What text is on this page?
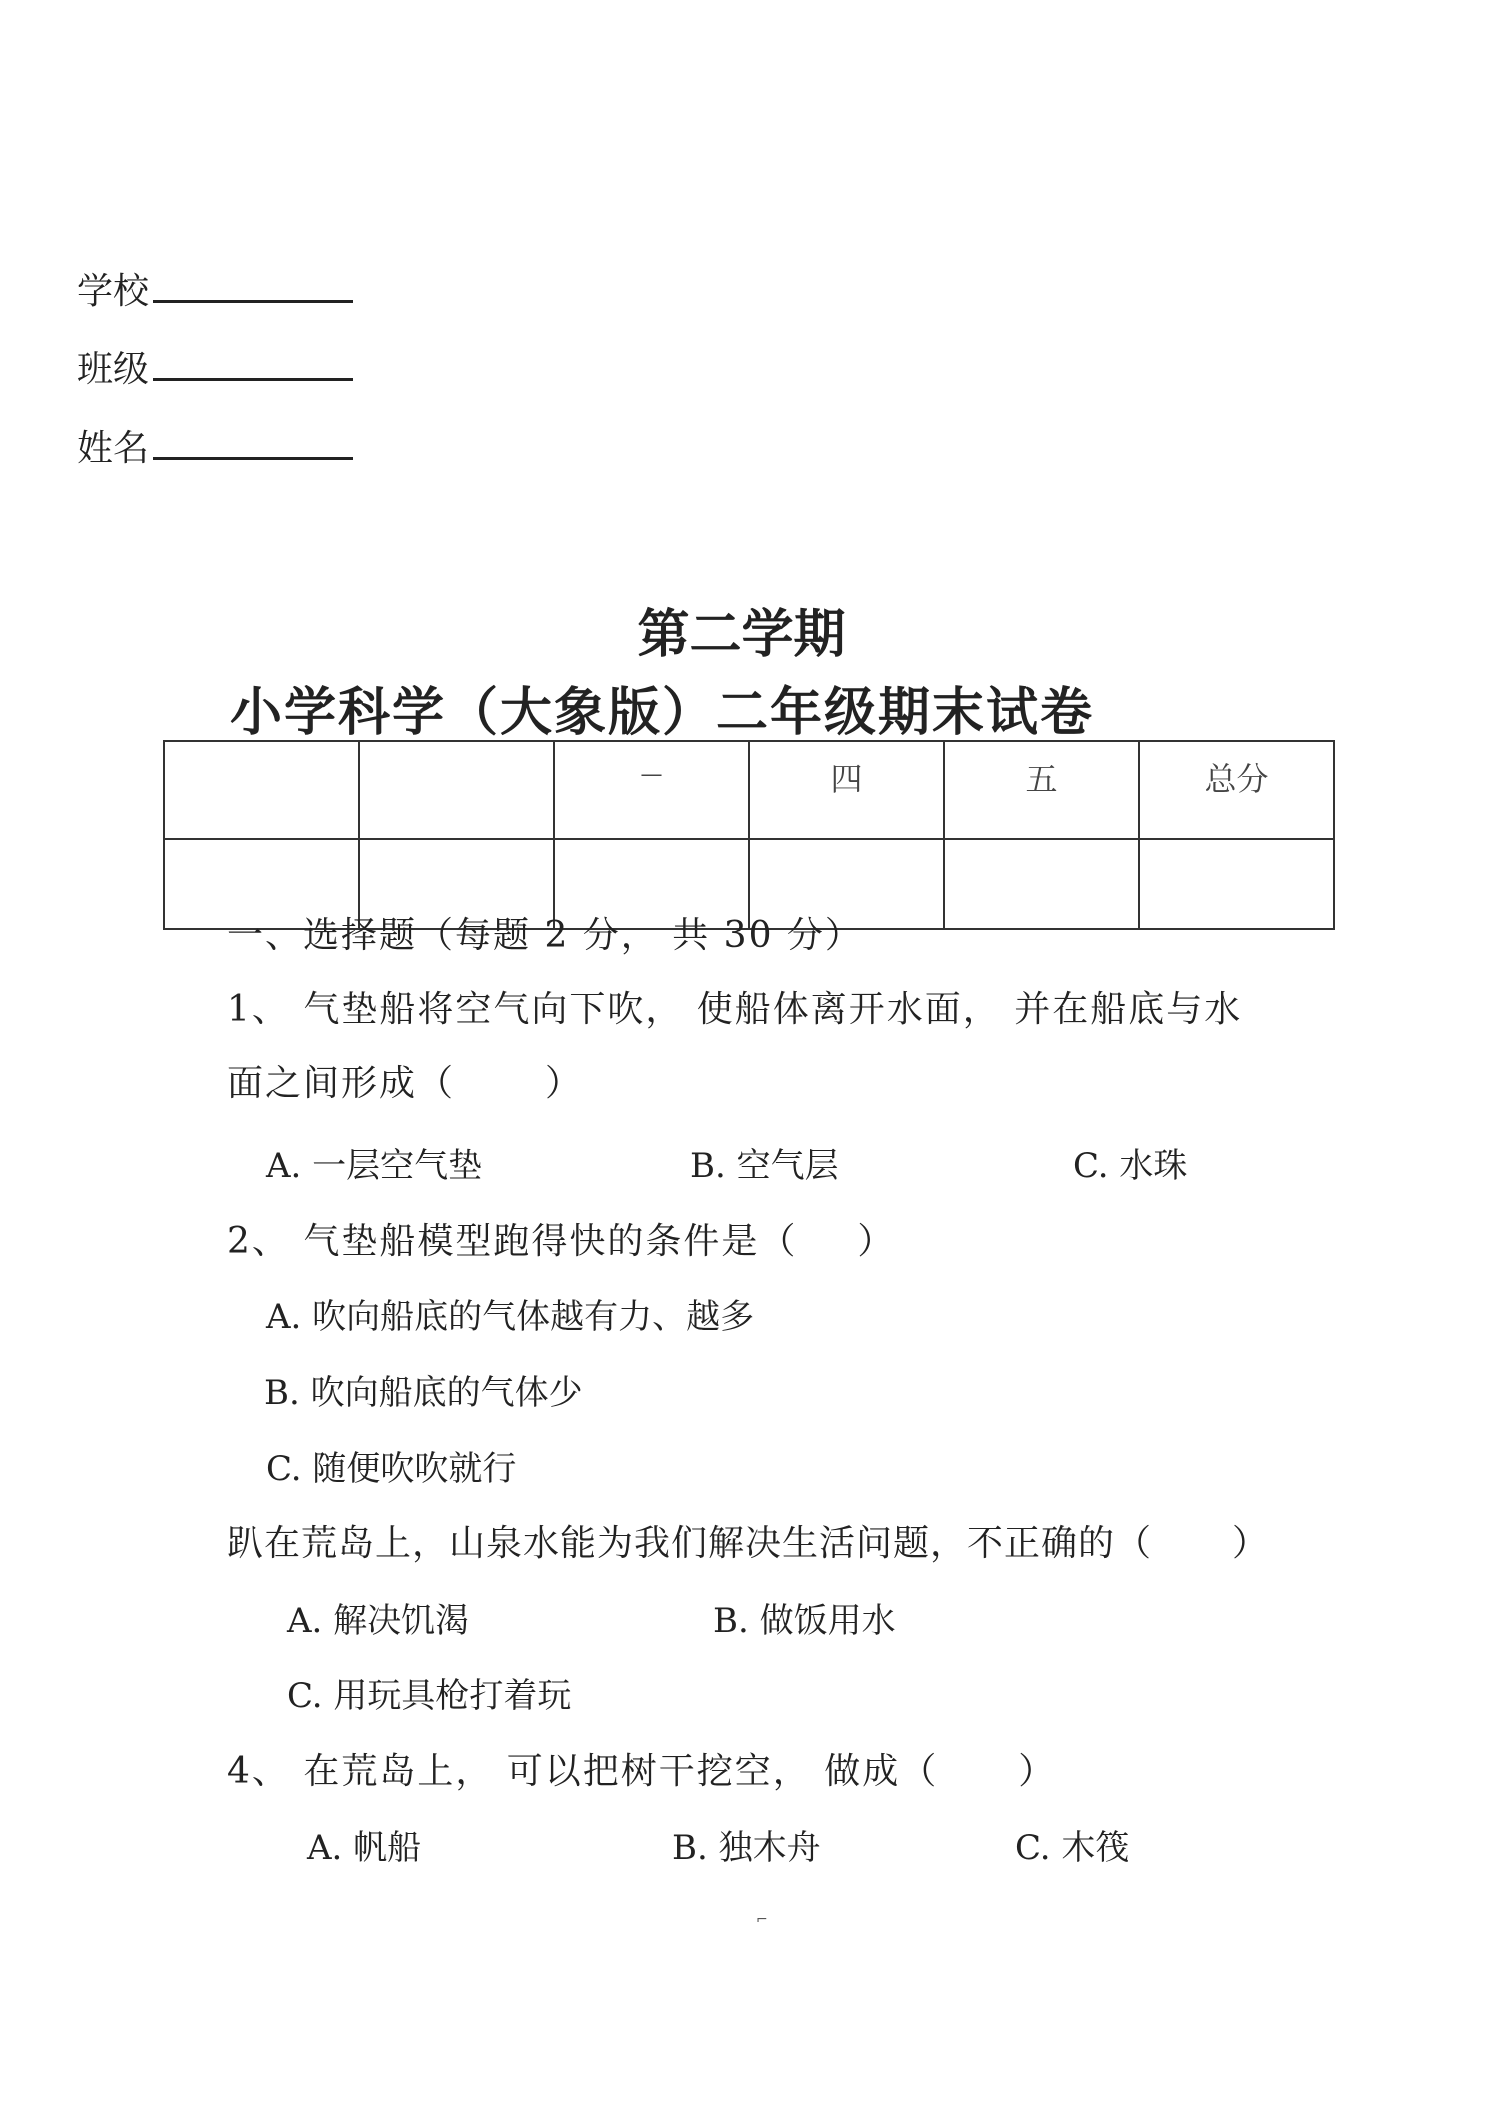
学校
班级
姓名
第二学期
小学科学（大象版）二年级期末试卷
		—	四	五	总分

一、选择题（每题 2 分， 共 30 分）
1、 气垫船将空气向下吹， 使船体离开水面， 并在船底与水
面之间形成（	）
A. 一层空气垫	B. 空气层	C. 水珠
2、 气垫船模型跑得快的条件是（ ）
A. 吹向船底的气体越有力、越多
B. 吹向船底的气体少
C. 随便吹吹就行
趴在荒岛上，山泉水能为我们解决生活问题，不正确的（ ）
A. 解决饥渴	B. 做饭用水
C. 用玩具枪打着玩
4、 在荒岛上， 可以把树干挖空， 做成（ ）
A. 帆船	B. 独木舟	C. 木筏
⌐
